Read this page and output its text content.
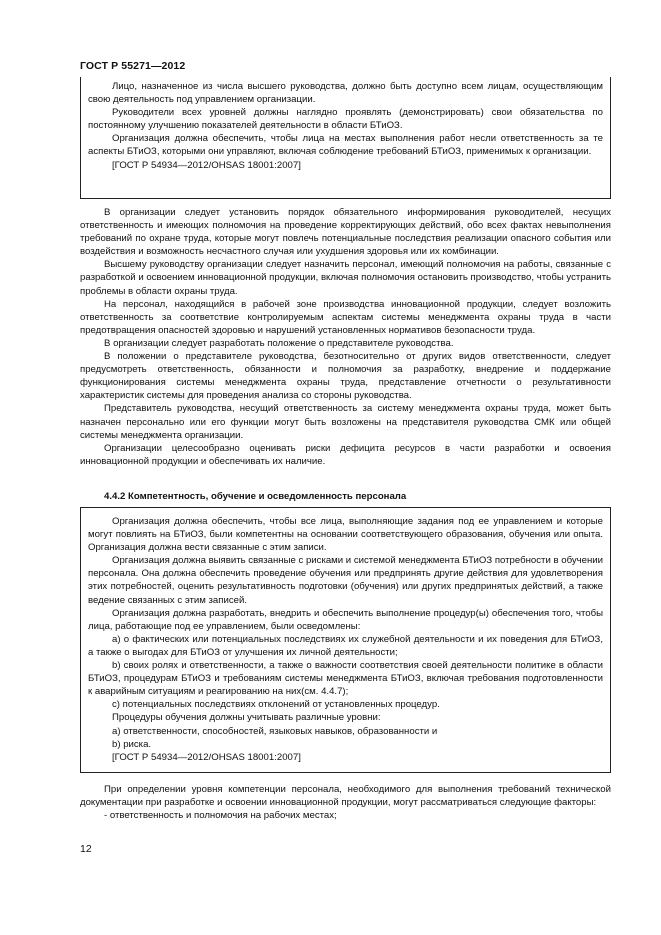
ГОСТ Р 55271—2012

Лицо, назначенное из числа высшего руководства, должно быть доступно всем лицам, осуществляющим свою деятельность под управлением организации.

Руководители всех уровней должны наглядно проявлять (демонстрировать) свои обязательства по постоянному улучшению показателей деятельности в области БТиОЗ.

Организация должна обеспечить, чтобы лица на местах выполнения работ несли ответственность за те аспекты БТиОЗ, которыми они управляют, включая соблюдение требований БТиОЗ, применимых к организации.

[ГОСТ Р 54934—2012/OHSAS 18001:2007]

В организации следует установить порядок обязательного информирования руководителей, несущих ответственность и имеющих полномочия на проведение корректирующих действий, обо всех фактах невыполнения требований по охране труда, которые могут повлечь потенциальные последствия реализации опасного события или воздействия и возможность несчастного случая или ухудшения здоровья или их комбинации.

Высшему руководству организации следует назначить персонал, имеющий полномочия на работы, связанные с разработкой и освоением инновационной продукции, включая полномочия остановить производство, чтобы устранить проблемы в области охраны труда.

На персонал, находящийся в рабочей зоне производства инновационной продукции, следует возложить ответственность за соответствие контролируемым аспектам системы менеджмента охраны труда в части предотвращения опасностей здоровью и нарушений установленных нормативов безопасности труда.

В организации следует разработать положение о представителе руководства.

В положении о представителе руководства, безотносительно от других видов ответственности, следует предусмотреть ответственность, обязанности и полномочия за разработку, внедрение и поддержание функционирования системы менеджмента охраны труда, представление отчетности о результативности характеристик системы для проведения анализа со стороны руководства.

Представитель руководства, несущий ответственность за систему менеджмента охраны труда, может быть назначен персонально или его функции могут быть возложены на представителя руководства СМК или общей системы менеджмента организации.

Организации целесообразно оценивать риски дефицита ресурсов в части разработки и освоения инновационной продукции и обеспечивать их наличие.

4.4.2 Компетентность, обучение и осведомленность персонала

Организация должна обеспечить, чтобы все лица, выполняющие задания под ее управлением и которые могут повлиять на БТиОЗ, были компетентны на основании соответствующего образования, обучения или опыта. Организация должна вести связанные с этим записи.

Организация должна выявить связанные с рисками и системой менеджмента БТиОЗ потребности в обучении персонала. Она должна обеспечить проведение обучения или предпринять другие действия для удовлетворения этих потребностей, оценить результативность подготовки (обучения) или других предпринятых действий, а также ведение связанных с этим записей.

Организация должна разработать, внедрить и обеспечить выполнение процедур(ы) обеспечения того, чтобы лица, работающие под ее управлением, были осведомлены:

а) о фактических или потенциальных последствиях их служебной деятельности и их поведения для БТиОЗ, а также о выгодах для БТиОЗ от улучшения их личной деятельности;

b) своих ролях и ответственности, а также о важности соответствия своей деятельности политике в области БТиОЗ, процедурам БТиОЗ и требованиям системы менеджмента БТиОЗ, включая требования подготовленности к аварийным ситуациям и реагированию на них(см. 4.4.7);

c) потенциальных последствиях отклонений от установленных процедур.

Процедуры обучения должны учитывать различные уровни:

а) ответственности, способностей, языковых навыков, образованности и

b) риска.

[ГОСТ Р 54934—2012/OHSAS 18001:2007]

При определении уровня компетенции персонала, необходимого для выполнения требований технической документации при разработке и освоении инновационной продукции, могут рассматриваться следующие факторы:

- ответственность и полномочия на рабочих местах;

12
